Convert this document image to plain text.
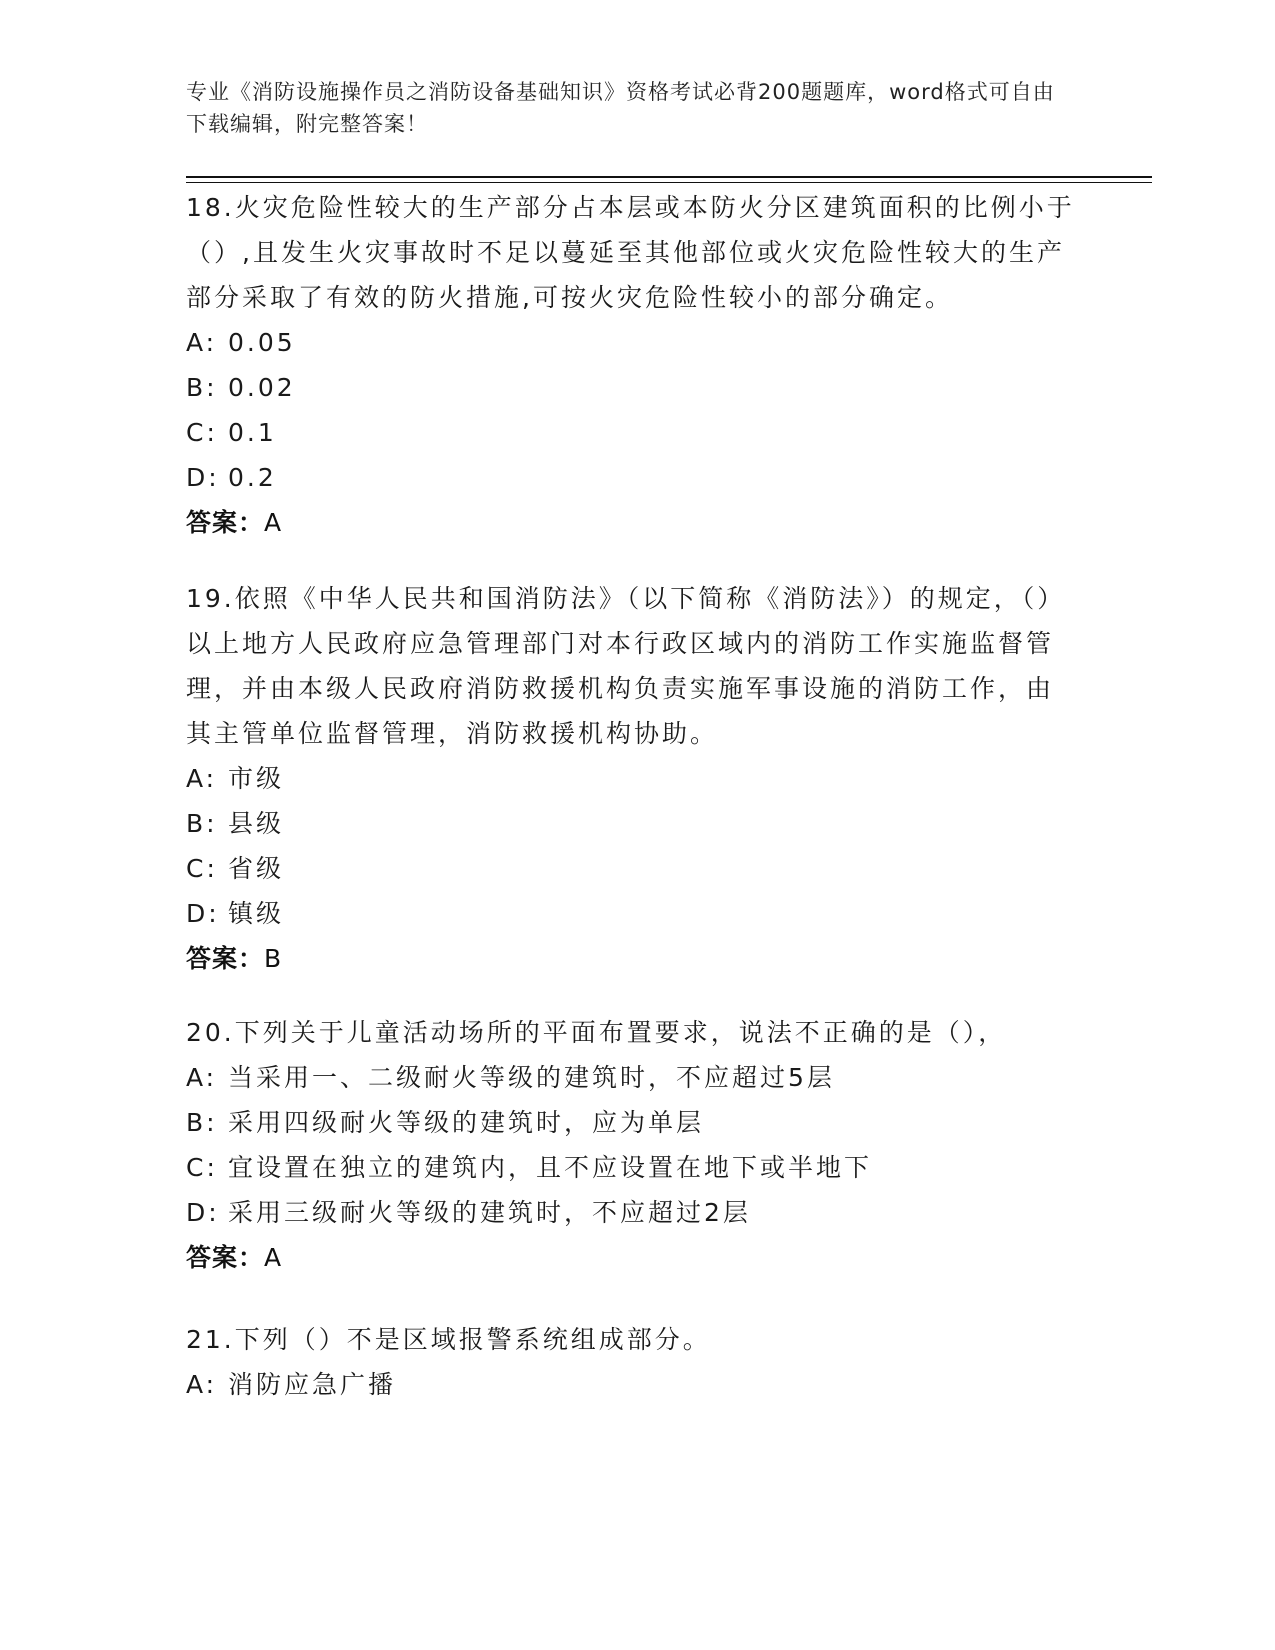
专业《消防设施操作员之消防设备基础知识》资格考试必背200题题库，word格式可自由下载编辑，附完整答案！

18.火灾危险性较大的生产部分占本层或本防火分区建筑面积的比例小于（）,且发生火灾事故时不足以蔓延至其他部位或火灾危险性较大的生产部分采取了有效的防火措施,可按火灾危险性较小的部分确定。

A: 0.05
B: 0.02
C: 0.1
D: 0.2
答案：A

19.依照《中华人民共和国消防法》（以下简称《消防法》）的规定，（）以上地方人民政府应急管理部门对本行政区域内的消防工作实施监督管理，并由本级人民政府消防救援机构负责实施军事设施的消防工作，由其主管单位监督管理，消防救援机构协助。

A: 市级
B: 县级
C: 省级
D: 镇级
答案：B

20.下列关于儿童活动场所的平面布置要求，说法不正确的是（），

A: 当采用一、二级耐火等级的建筑时，不应超过5层
B: 采用四级耐火等级的建筑时，应为单层
C: 宜设置在独立的建筑内，且不应设置在地下或半地下
D: 采用三级耐火等级的建筑时，不应超过2层
答案：A

21.下列（）不是区域报警系统组成部分。

A: 消防应急广播
